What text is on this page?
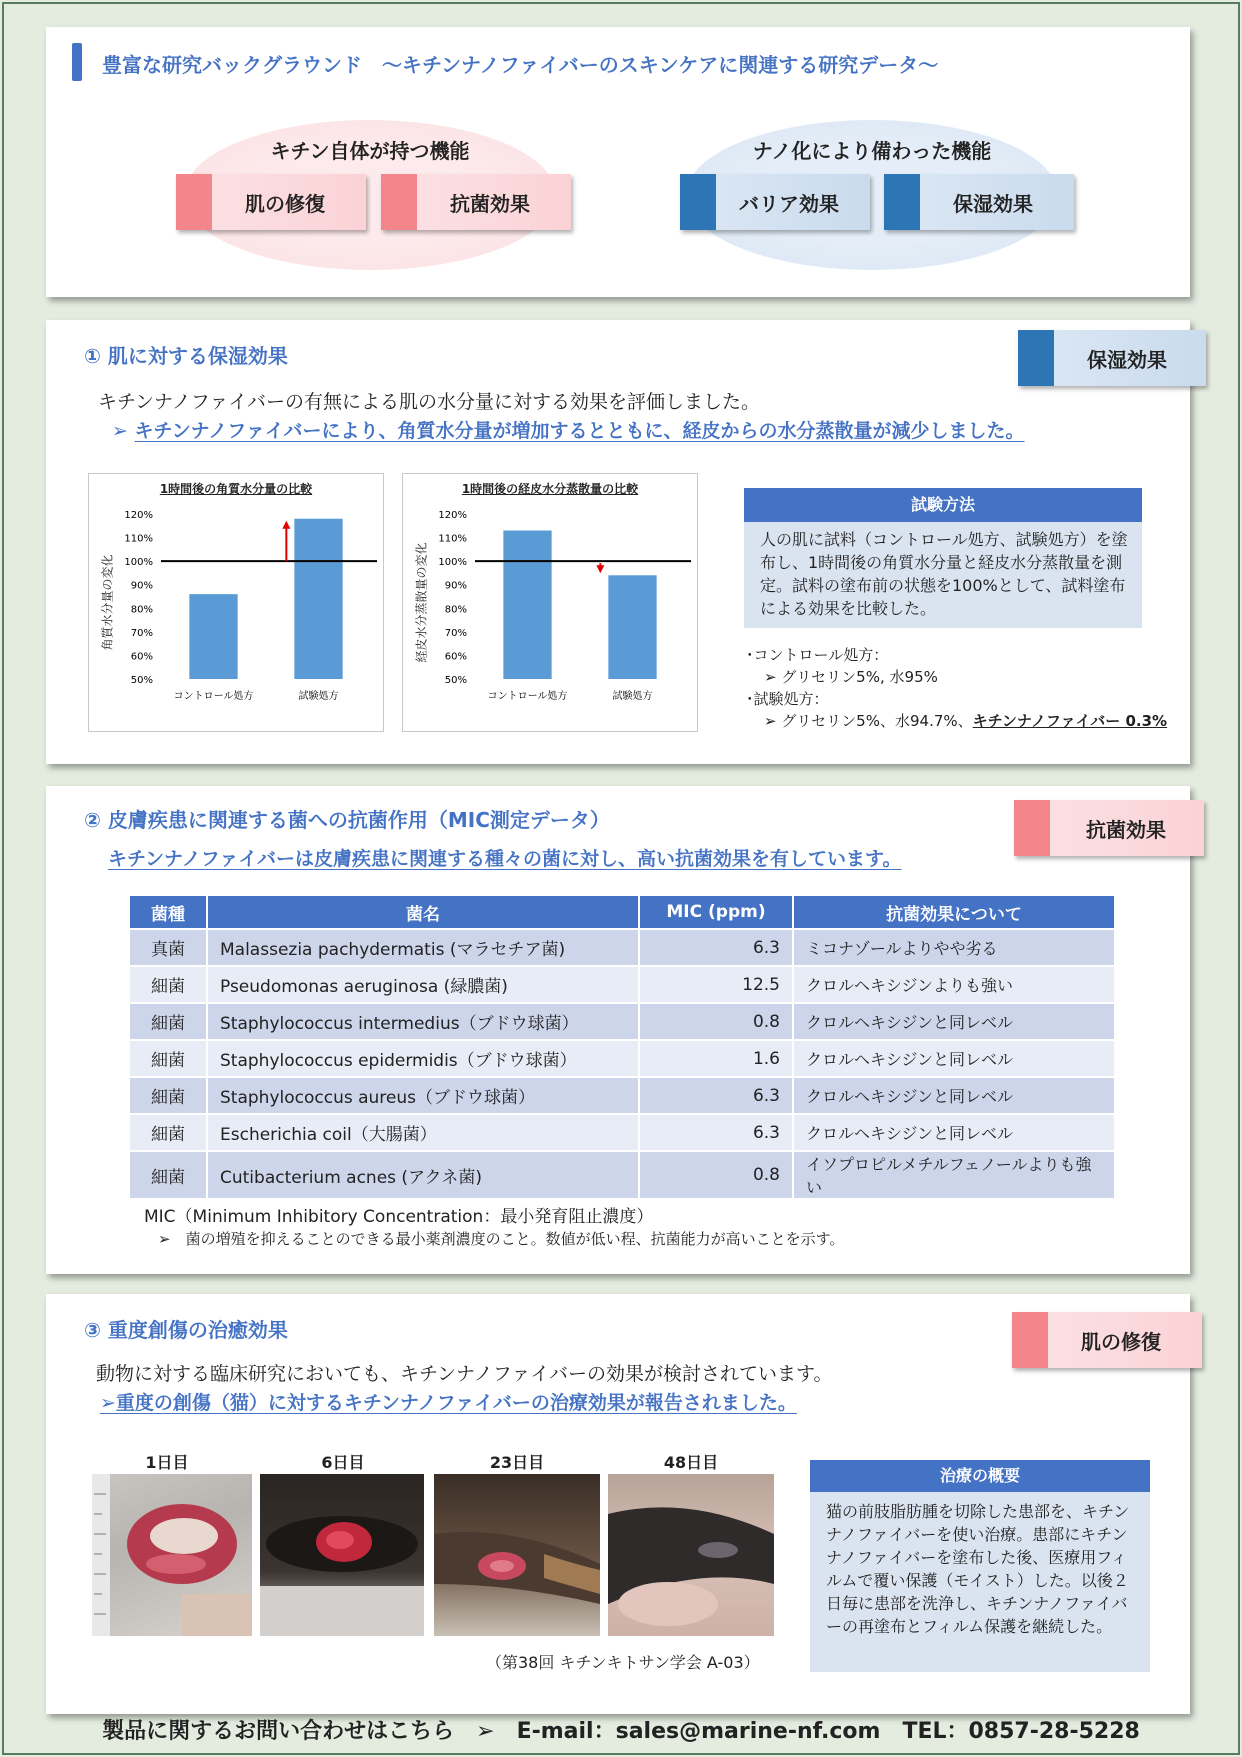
豊富な研究バックグラウンド　～キチンナノファイバーのスキンケアに関連する研究データ～
キチン自体が持つ機能
肌の修復	抗菌効果
ナノ化により備わった機能
バリア効果	保湿効果
① 肌に対する保湿効果	保湿効果
キチンナノファイバーの有無による肌の水分量に対する効果を評価しました。
➢ キチンナノファイバーにより、角質水分量が増加するとともに、経皮からの水分蒸散量が減少しました。
1時間後の角質水分量の比較
角質水分量の変化
120%
110%
100%
90%
80%
70%
60%
50%
コントロール処方	試験処方
1時間後の経皮水分蒸散量の比較
経皮水分蒸散量の変化
120%
110%
100%
90%
80%
70%
60%
50%
コントロール処方	試験処方
試験方法
人の肌に試料（コントロール処方、試験処方）を塗布し、1時間後の角質水分量と経皮水分蒸散量を測定。試料の塗布前の状態を100%として、試料塗布による効果を比較した。
･コントロール処方：
➢ グリセリン5%, 水95%
･試験処方：
➢ グリセリン5%、水94.7%、キチンナノファイバー 0.3%
② 皮膚疾患に関連する菌への抗菌作用（MIC測定データ）	抗菌効果
キチンナノファイバーは皮膚疾患に関連する種々の菌に対し、高い抗菌効果を有しています。
菌種	菌名	MIC (ppm)	抗菌効果について
真菌	Malassezia pachydermatis (マラセチア菌)	6.3	ミコナゾールよりやや劣る
細菌	Pseudomonas aeruginosa (緑膿菌)	12.5	クロルヘキシジンよりも強い
細菌	Staphylococcus intermedius（ブドウ球菌）	0.8	クロルヘキシジンと同レベル
細菌	Staphylococcus epidermidis（ブドウ球菌）	1.6	クロルヘキシジンと同レベル
細菌	Staphylococcus aureus（ブドウ球菌）	6.3	クロルヘキシジンと同レベル
細菌	Escherichia coil（大腸菌）	6.3	クロルヘキシジンと同レベル
細菌	Cutibacterium acnes (アクネ菌)	0.8	イソプロピルメチルフェノールよりも強い
MIC（Minimum Inhibitory Concentration：最小発育阻止濃度）
➢　菌の増殖を抑えることのできる最小薬剤濃度のこと。数値が低い程、抗菌能力が高いことを示す。
③ 重度創傷の治癒効果	肌の修復
動物に対する臨床研究においても、キチンナノファイバーの効果が検討されています。
➢重度の創傷（猫）に対するキチンナノファイバーの治療効果が報告されました。
1日目	6日目	23日目	48日目
（第38回 キチンキトサン学会 A-03）
治療の概要
猫の前肢脂肪腫を切除した患部を、キチンナノファイバーを使い治療。患部にキチンナノファイバーを塗布した後、医療用フィルムで覆い保護（モイスト）した。以後２日毎に患部を洗浄し、キチンナノファイバーの再塗布とフィルム保護を継続した。
製品に関するお問い合わせはこちら　➢　E-mail：sales@marine-nf.com　TEL：0857-28-5228
